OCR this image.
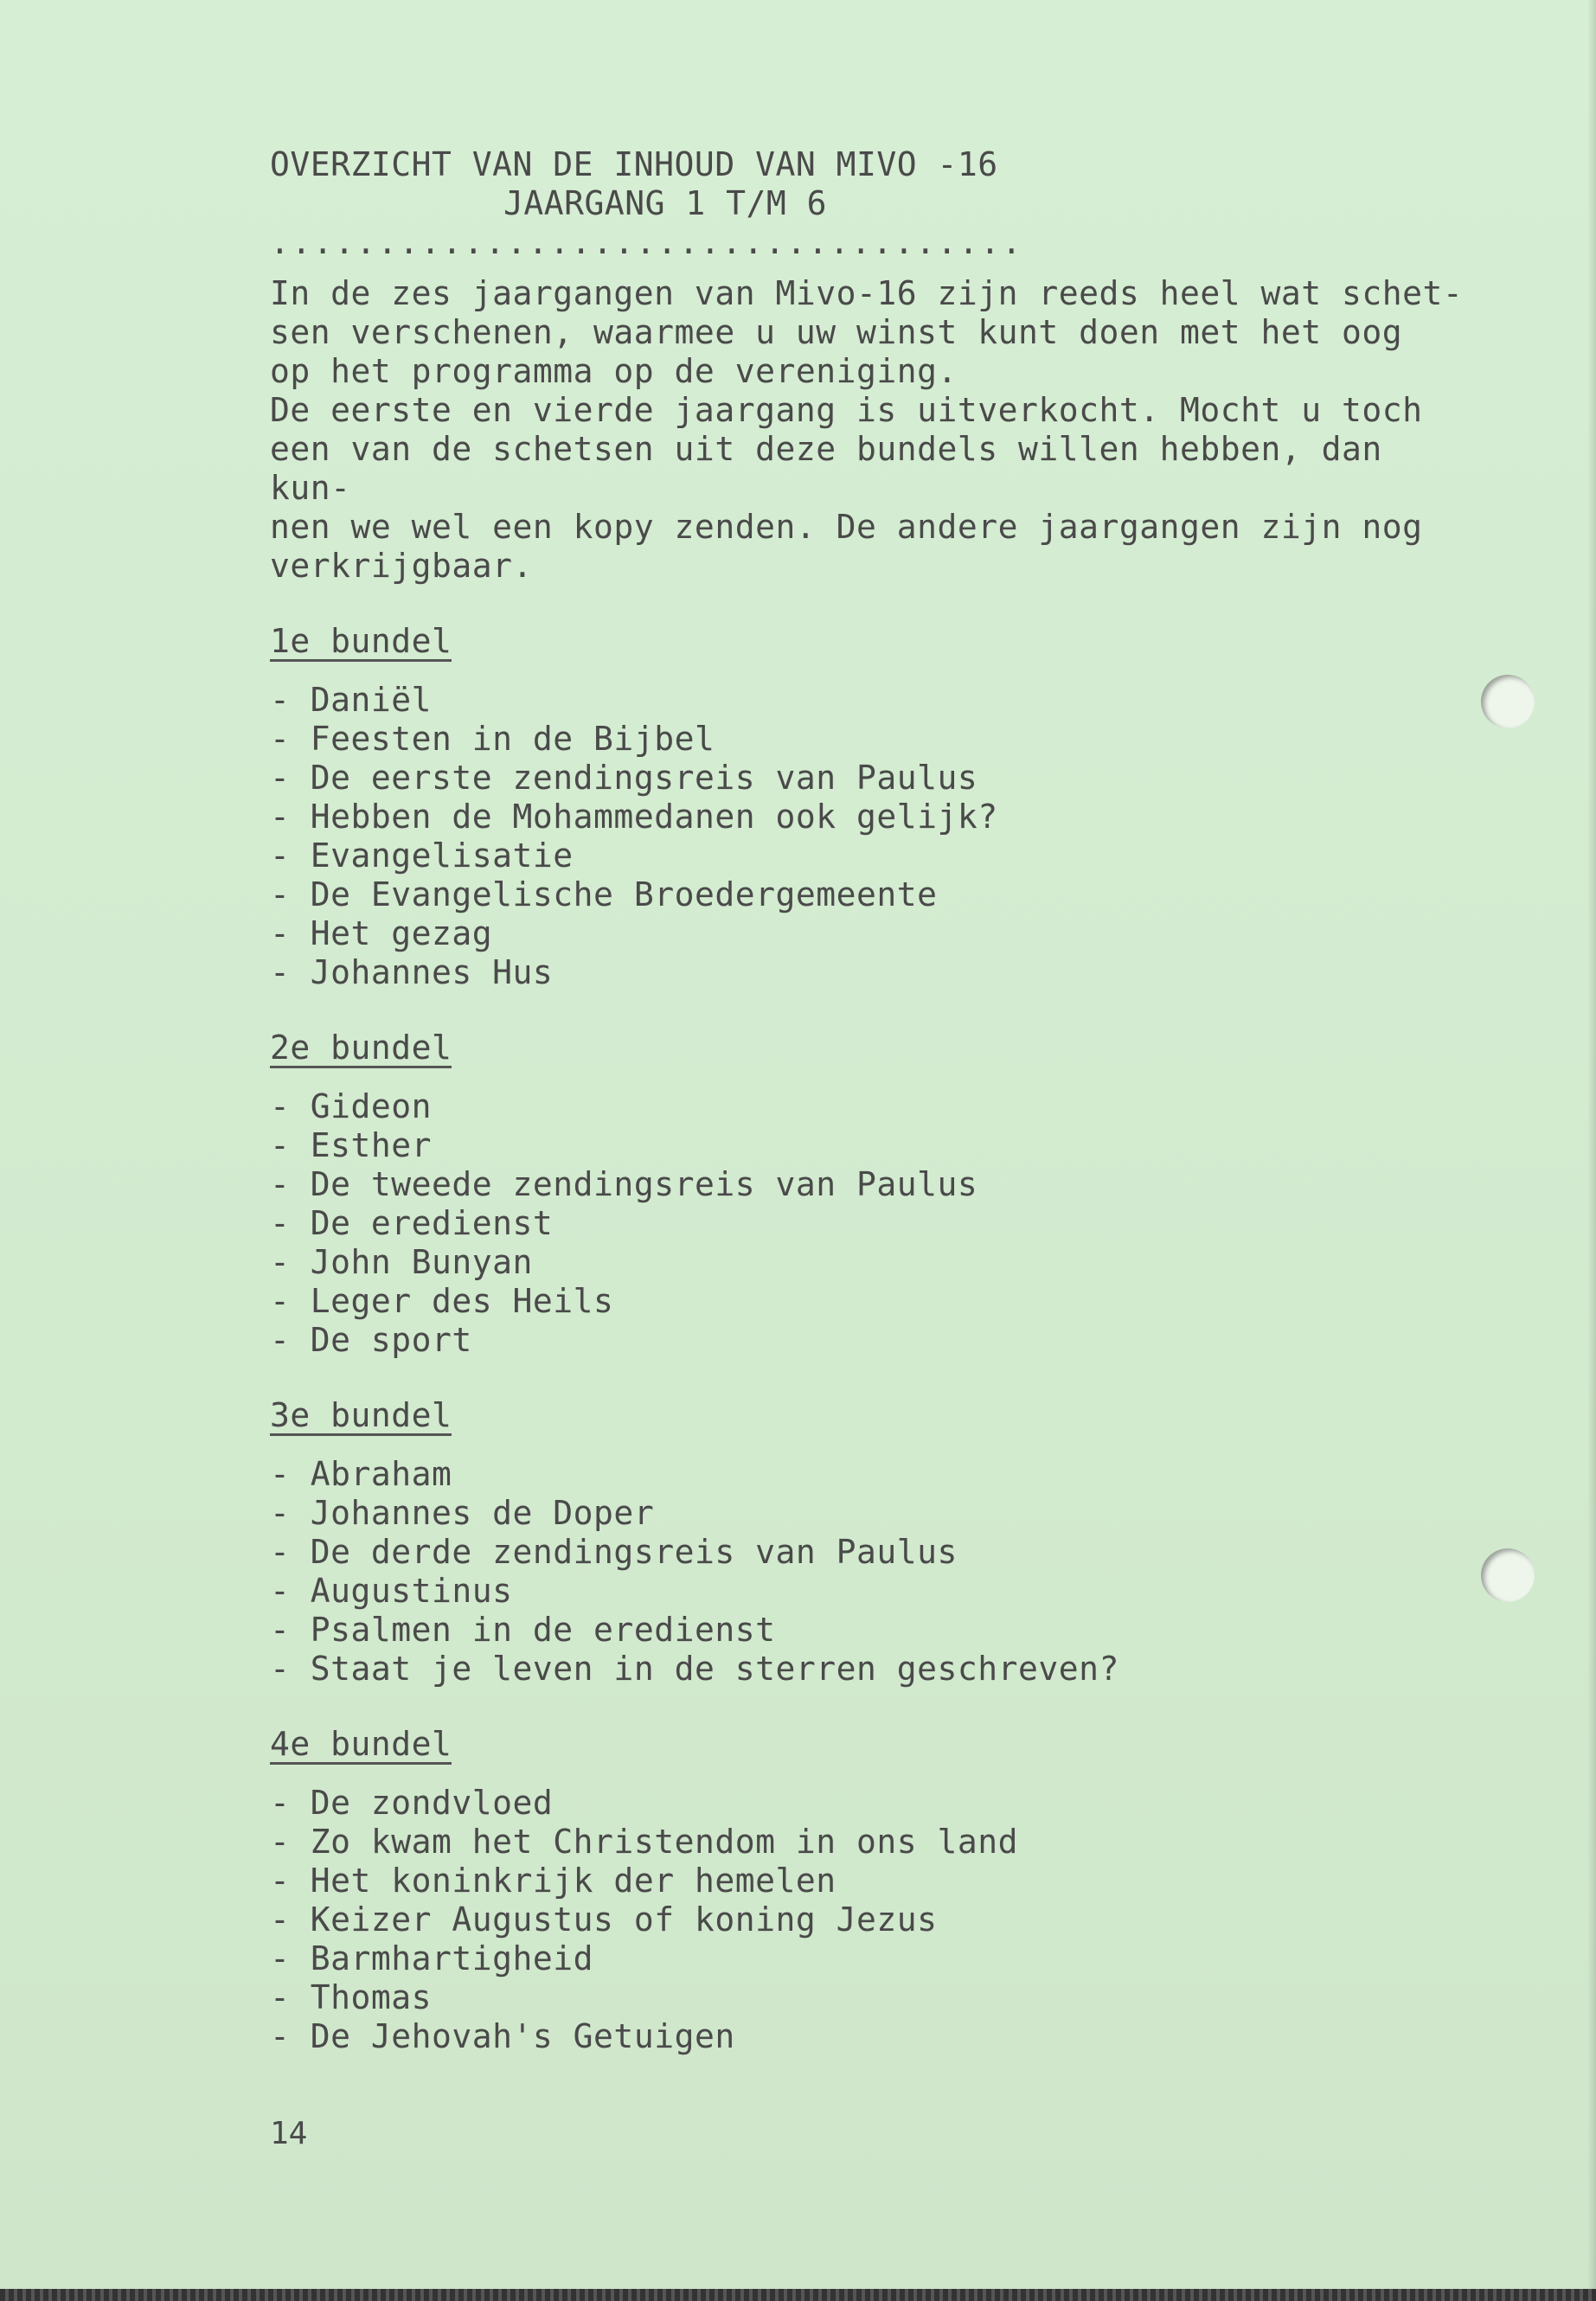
OVERZICHT VAN DE INHOUD VAN MIVO -16

JAARGANG 1 T/M 6

...................................

In de zes jaargangen van Mivo-16 zijn reeds heel wat schet-

sen verschenen, waarmee u uw winst kunt doen met het oog

op het programma op de vereniging.

De eerste en vierde jaargang is uitverkocht. Mocht u toch

een van de schetsen uit deze bundels willen hebben, dan kun-

nen we wel een kopy zenden. De andere jaargangen zijn nog

verkrijgbaar.

1e bundel
- Daniël
- Feesten in de Bijbel
- De eerste zendingsreis van Paulus
- Hebben de Mohammedanen ook gelijk?
- Evangelisatie
- De Evangelische Broedergemeente
- Het gezag
- Johannes Hus
2e bundel
- Gideon
- Esther
- De tweede zendingsreis van Paulus
- De eredienst
- John Bunyan
- Leger des Heils
- De sport
3e bundel
- Abraham
- Johannes de Doper
- De derde zendingsreis van Paulus
- Augustinus
- Psalmen in de eredienst
- Staat je leven in de sterren geschreven?
4e bundel
- De zondvloed
- Zo kwam het Christendom in ons land
- Het koninkrijk der hemelen
- Keizer Augustus of koning Jezus
- Barmhartigheid
- Thomas
- De Jehovah's Getuigen
14
